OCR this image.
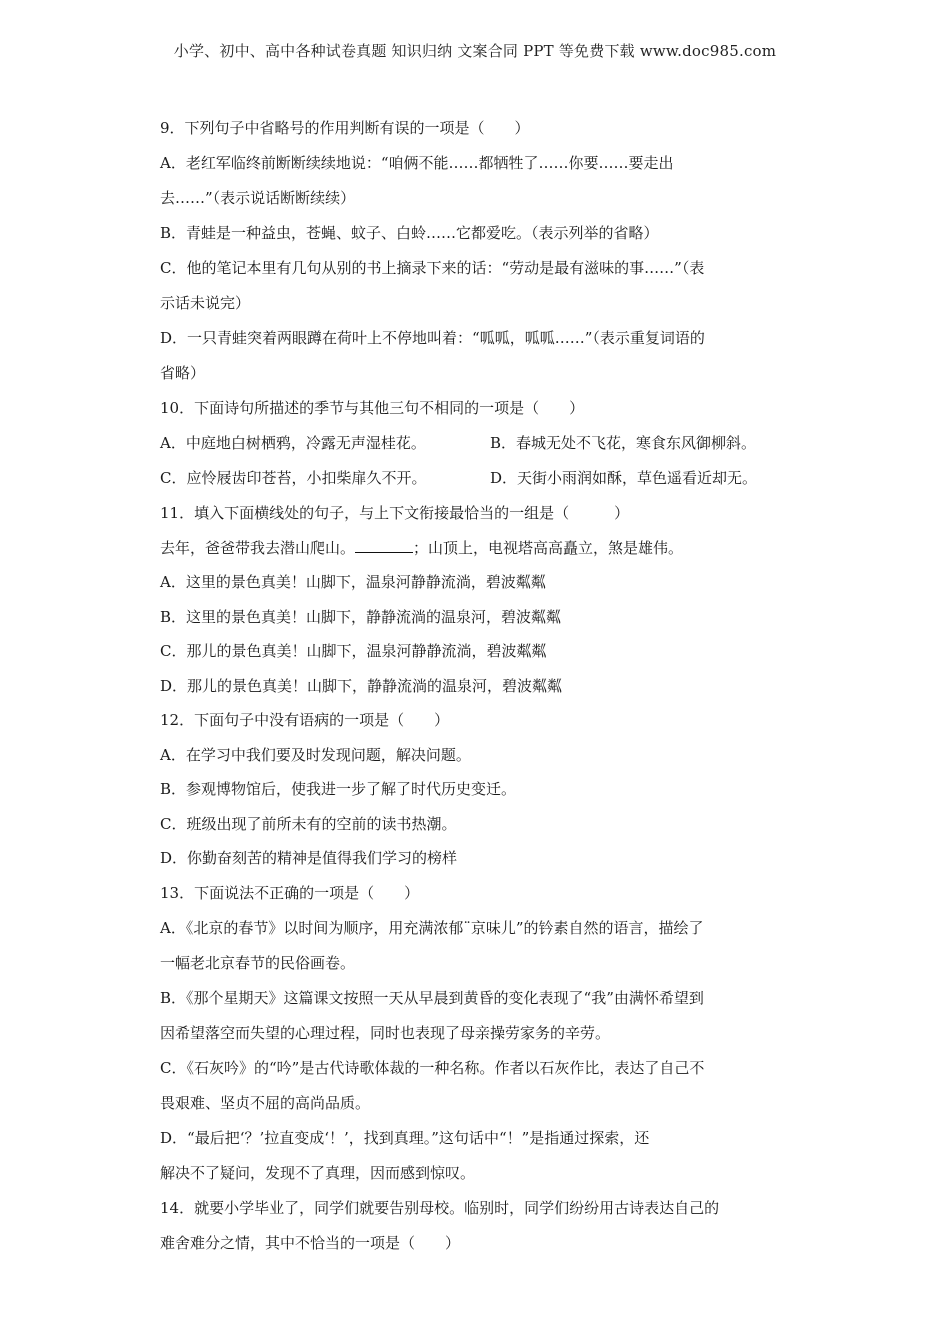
小学、初中、高中各种试卷真题 知识归纳 文案合同 PPT 等免费下载 www.doc985.com
9．下列句子中省略号的作用判断有误的一项是（　　）
A．老红军临终前断断续续地说：“咱俩不能……都牺牲了……你要……要走出
去……”（表示说话断断续续）
B．青蛙是一种益虫，苍蝇、蚊子、白蛉……它都爱吃。（表示列举的省略）
C．他的笔记本里有几句从别的书上摘录下来的话：“劳动是最有滋味的事……”（表
示话未说完）
D．一只青蛙突着两眼蹲在荷叶上不停地叫着：“呱呱，呱呱……”（表示重复词语的
省略）
10．下面诗句所描述的季节与其他三句不相同的一项是（　　）
A．中庭地白树栖鸦，冷露无声湿桂花。	B．春城无处不飞花，寒食东风御柳斜。
C．应怜屐齿印苍苔，小扣柴扉久不开。	D．天街小雨润如酥，草色遥看近却无。
11．填入下面横线处的句子，与上下文衔接最恰当的一组是（　　　）
去年，爸爸带我去潜山爬山。	；山顶上，电视塔高高矗立，煞是雄伟。
A．这里的景色真美！山脚下，温泉河静静流淌，碧波粼粼
B．这里的景色真美！山脚下，静静流淌的温泉河，碧波粼粼
C．那儿的景色真美！山脚下，温泉河静静流淌，碧波粼粼
D．那儿的景色真美！山脚下，静静流淌的温泉河，碧波粼粼
12．下面句子中没有语病的一项是（　　）
A．在学习中我们要及时发现问题，解决问题。
B．参观博物馆后，使我进一步了解了时代历史变迁。
C．班级出现了前所未有的空前的读书热潮。
D．你勤奋刻苦的精神是值得我们学习的榜样
13．下面说法不正确的一项是（　　）
A．《北京的春节》以时间为顺序，用充满浓郁¨京味儿”的钤素自然的语言，描绘了
一幅老北京春节的民俗画卷。
B．《那个星期天》这篇课文按照一天从早晨到黄昏的变化表现了“我”由满怀希望到
因希望落空而失望的心理过程，同时也表现了母亲操劳家务的辛劳。
C．《石灰吟》的“吟”是古代诗歌体裁的一种名称。作者以石灰作比，表达了自己不
畏艰难、坚贞不屈的高尚品质。
D．“最后把‘？’拉直变成‘！’，找到真理。”这句话中“！”是指通过探索，还
解决不了疑问，发现不了真理，因而感到惊叹。
14．就要小学毕业了，同学们就要告别母校。临别时，同学们纷纷用古诗表达自己的
难舍难分之情，其中不恰当的一项是（　　）
